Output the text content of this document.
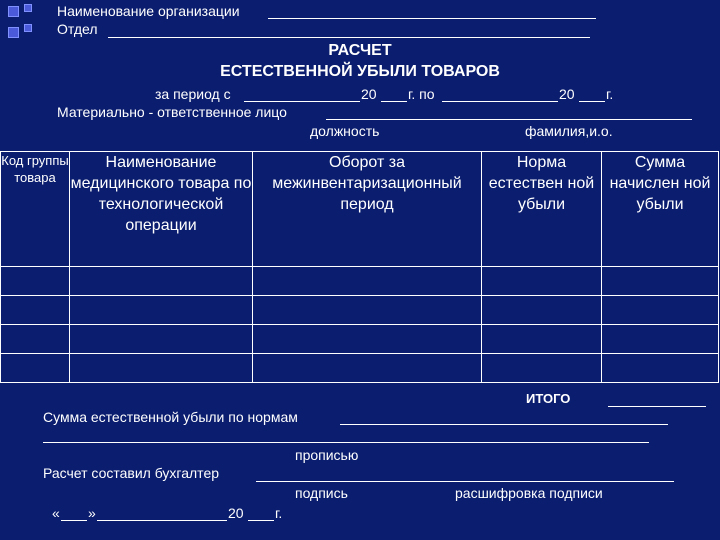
Наименование организации
Отдел
РАСЧЕТ
ЕСТЕСТВЕННОЙ УБЫЛИ ТОВАРОВ
за период с	20 г. по	20 г.
Материально - ответственное лицо
должность	фамилия,и.о.
Код группы товара	Наименование медицинского товара по технологической операции	Оборот за межинвентаризационный период	Норма естествен ной убыли	Сумма начислен ной убыли

ИТОГО
Сумма естественной убыли по нормам
прописью
Расчет составил бухгалтер
подпись	расшифровка подписи
« »	20 г.
